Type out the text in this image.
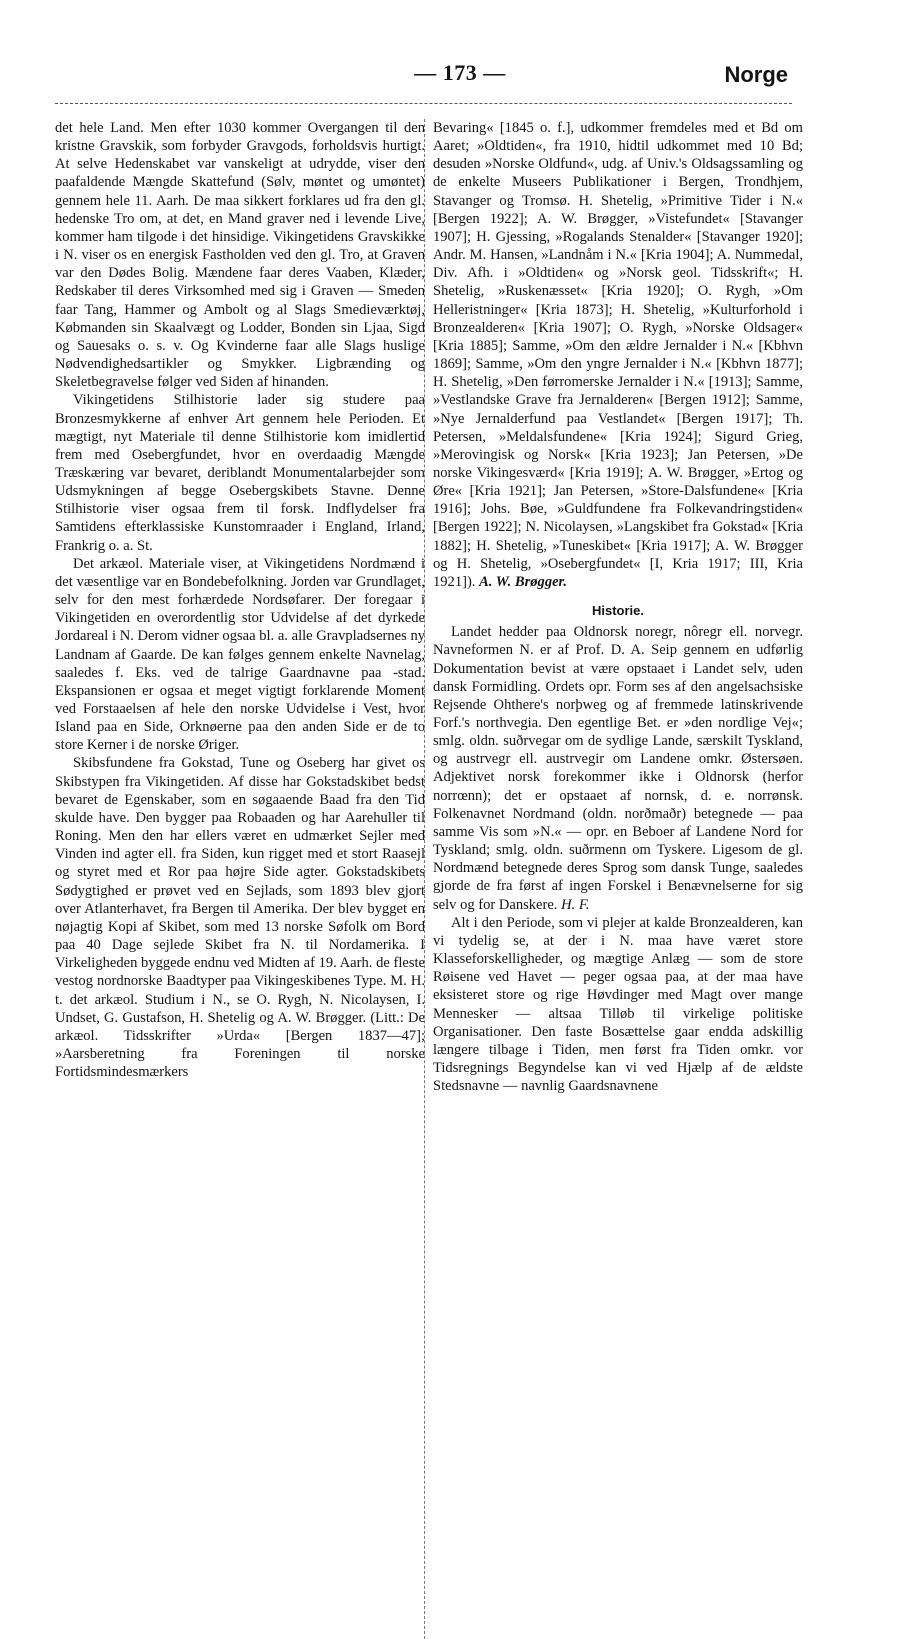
— 173 —	Norge

det hele Land. Men efter 1030 kommer Overgangen til den kristne Gravskik, som forbyder Gravgods, forholdsvis hurtigt. At selve Hedenskabet var vanskeligt at udrydde, viser den paafaldende Mængde Skattefund (Sølv, møntet og umøntet) gennem hele 11. Aarh. De maa sikkert forklares ud fra den gl. hedenske Tro om, at det, en Mand graver ned i levende Live, kommer ham tilgode i det hinsidige. Vikingetidens Gravskikke i N. viser os en energisk Fastholden ved den gl. Tro, at Graven var den Dødes Bolig. Mændene faar deres Vaaben, Klæder, Redskaber til deres Virksomhed med sig i Graven — Smeden faar Tang, Hammer og Ambolt og al Slags Smedieværktøj, Købmanden sin Skaalvægt og Lodder, Bonden sin Ljaa, Sigd og Sauesaks o. s. v. Og Kvinderne faar alle Slags huslige Nødvendighedsartikler og Smykker. Ligbrænding og Skeletbegravelse følger ved Siden af hinanden.

Vikingetidens Stilhistorie lader sig studere paa Bronzesmykkerne af enhver Art gennem hele Perioden. Et mægtigt, nyt Materiale til denne Stilhistorie kom imidlertid frem med Osebergfundet, hvor en overdaadig Mængde Træskæring var bevaret, deriblandt Monumentalarbejder som Udsmykningen af begge Osebergskibets Stavne. Denne Stilhistorie viser ogsaa frem til forsk. Indflydelser fra Samtidens efterklassiske Kunstomraader i England, Irland, Frankrig o. a. St.

Det arkæol. Materiale viser, at Vikingetidens Nordmænd i det væsentlige var en Bondebefolkning. Jorden var Grundlaget, selv for den mest forhærdede Nordsøfarer. Der foregaar i Vikingetiden en overordentlig stor Udvidelse af det dyrkede Jordareal i N. Derom vidner ogsaa bl. a. alle Gravpladsernes ny Landnam af Gaarde. De kan følges gennem enkelte Navnelag, saaledes f. Eks. ved de talrige Gaardnavne paa -stad. Ekspansionen er ogsaa et meget vigtigt forklarende Moment ved Forstaaelsen af hele den norske Udvidelse i Vest, hvor Island paa en Side, Orknøerne paa den anden Side er de to store Kerner i de norske Øriger.

Skibsfundene fra Gokstad, Tune og Oseberg har givet os Skibstypen fra Vikingetiden. Af disse har Gokstadskibet bedst bevaret de Egenskaber, som en søgaaende Baad fra den Tid skulde have. Den bygger paa Robaaden og har Aarehuller til Roning. Men den har ellers været en udmærket Sejler med Vinden ind agter ell. fra Siden, kun rigget med et stort Raasejl og styret med et Ror paa højre Side agter. Gokstadskibets Sødygtighed er prøvet ved en Sejlads, som 1893 blev gjort over Atlanterhavet, fra Bergen til Amerika. Der blev bygget en nøjagtig Kopi af Skibet, som med 13 norske Søfolk om Bord paa 40 Dage sejlede Skibet fra N. til Nordamerika. I Virkeligheden byggede endnu ved Midten af 19. Aarh. de fleste vestog nordnorske Baadtyper paa Vikingeskibenes Type. M. H. t. det arkæol. Studium i N., se O. Rygh, N. Nicolaysen, I. Undset, G. Gustafson, H. Shetelig og A. W. Brøgger. (Litt.: De arkæol. Tidsskrifter »Urda« [Bergen 1837—47]; »Aarsberetning fra Foreningen til norske Fortidsmindesmærkers

Bevaring« [1845 o. f.], udkommer fremdeles med et Bd om Aaret; »Oldtiden«, fra 1910, hidtil udkommet med 10 Bd; desuden »Norske Oldfund«, udg. af Univ.'s Oldsagssamling og de enkelte Museers Publikationer i Bergen, Trondhjem, Stavanger og Tromsø. H. Shetelig, »Primitive Tider i N.« [Bergen 1922]; A. W. Brøgger, »Vistefundet« [Stavanger 1907]; H. Gjessing, »Rogalands Stenalder« [Stavanger 1920]; Andr. M. Hansen, »Landnåm i N.« [Kria 1904]; A. Nummedal, Div. Afh. i »Oldtiden« og »Norsk geol. Tidsskrift«; H. Shetelig, »Ruskenæsset« [Kria 1920]; O. Rygh, »Om Helleristninger« [Kria 1873]; H. Shetelig, »Kulturforhold i Bronzealderen« [Kria 1907]; O. Rygh, »Norske Oldsager« [Kria 1885]; Samme, »Om den ældre Jernalder i N.« [Kbhvn 1869]; Samme, »Om den yngre Jernalder i N.« [Kbhvn 1877]; H. Shetelig, »Den førromerske Jernalder i N.« [1913]; Samme, »Vestlandske Grave fra Jernalderen« [Bergen 1912]; Samme, »Nye Jernalderfund paa Vestlandet« [Bergen 1917]; Th. Petersen, »Meldalsfundene« [Kria 1924]; Sigurd Grieg, »Merovingisk og Norsk« [Kria 1923]; Jan Petersen, »De norske Vikingesværd« [Kria 1919]; A. W. Brøgger, »Ertog og Øre« [Kria 1921]; Jan Petersen, »Store-Dalsfundene« [Kria 1916]; Johs. Bøe, »Guldfundene fra Folkevandringstiden« [Bergen 1922]; N. Nicolaysen, »Langskibet fra Gokstad« [Kria 1882]; H. Shetelig, »Tuneskibet« [Kria 1917]; A. W. Brøgger og H. Shetelig, »Osebergfundet« [I, Kria 1917; III, Kria 1921]). A. W. Brøgger.

Historie.

Landet hedder paa Oldnorsk noregr, nôregr ell. norvegr. Navneformen N. er af Prof. D. A. Seip gennem en udførlig Dokumentation bevist at være opstaaet i Landet selv, uden dansk Formidling. Ordets opr. Form ses af den angelsachsiske Rejsende Ohthere's norþweg og af fremmede latinskrivende Forf.'s northvegia. Den egentlige Bet. er »den nordlige Vej«; smlg. oldn. suðrvegar om de sydlige Lande, særskilt Tyskland, og austrvegr ell. austrvegir om Landene omkr. Østersøen. Adjektivet norsk forekommer ikke i Oldnorsk (herfor norrœnn); det er opstaaet af nornsk, d. e. norrønsk. Folkenavnet Nordmand (oldn. norðmaðr) betegnede — paa samme Vis som »N.« — opr. en Beboer af Landene Nord for Tyskland; smlg. oldn. suðrmenn om Tyskere. Ligesom de gl. Nordmænd betegnede deres Sprog som dansk Tunge, saaledes gjorde de fra først af ingen Forskel i Benævnelserne for sig selv og for Danskere. H. F.

Alt i den Periode, som vi plejer at kalde Bronzealderen, kan vi tydelig se, at der i N. maa have været store Klasseforskelligheder, og mægtige Anlæg — som de store Røisene ved Havet — peger ogsaa paa, at der maa have eksisteret store og rige Høvdinger med Magt over mange Mennesker — altsaa Tilløb til virkelige politiske Organisationer. Den faste Bosættelse gaar endda adskillig længere tilbage i Tiden, men først fra Tiden omkr. vor Tidsregnings Begyndelse kan vi ved Hjælp af de ældste Stedsnavne — navnlig Gaardsnavnene
